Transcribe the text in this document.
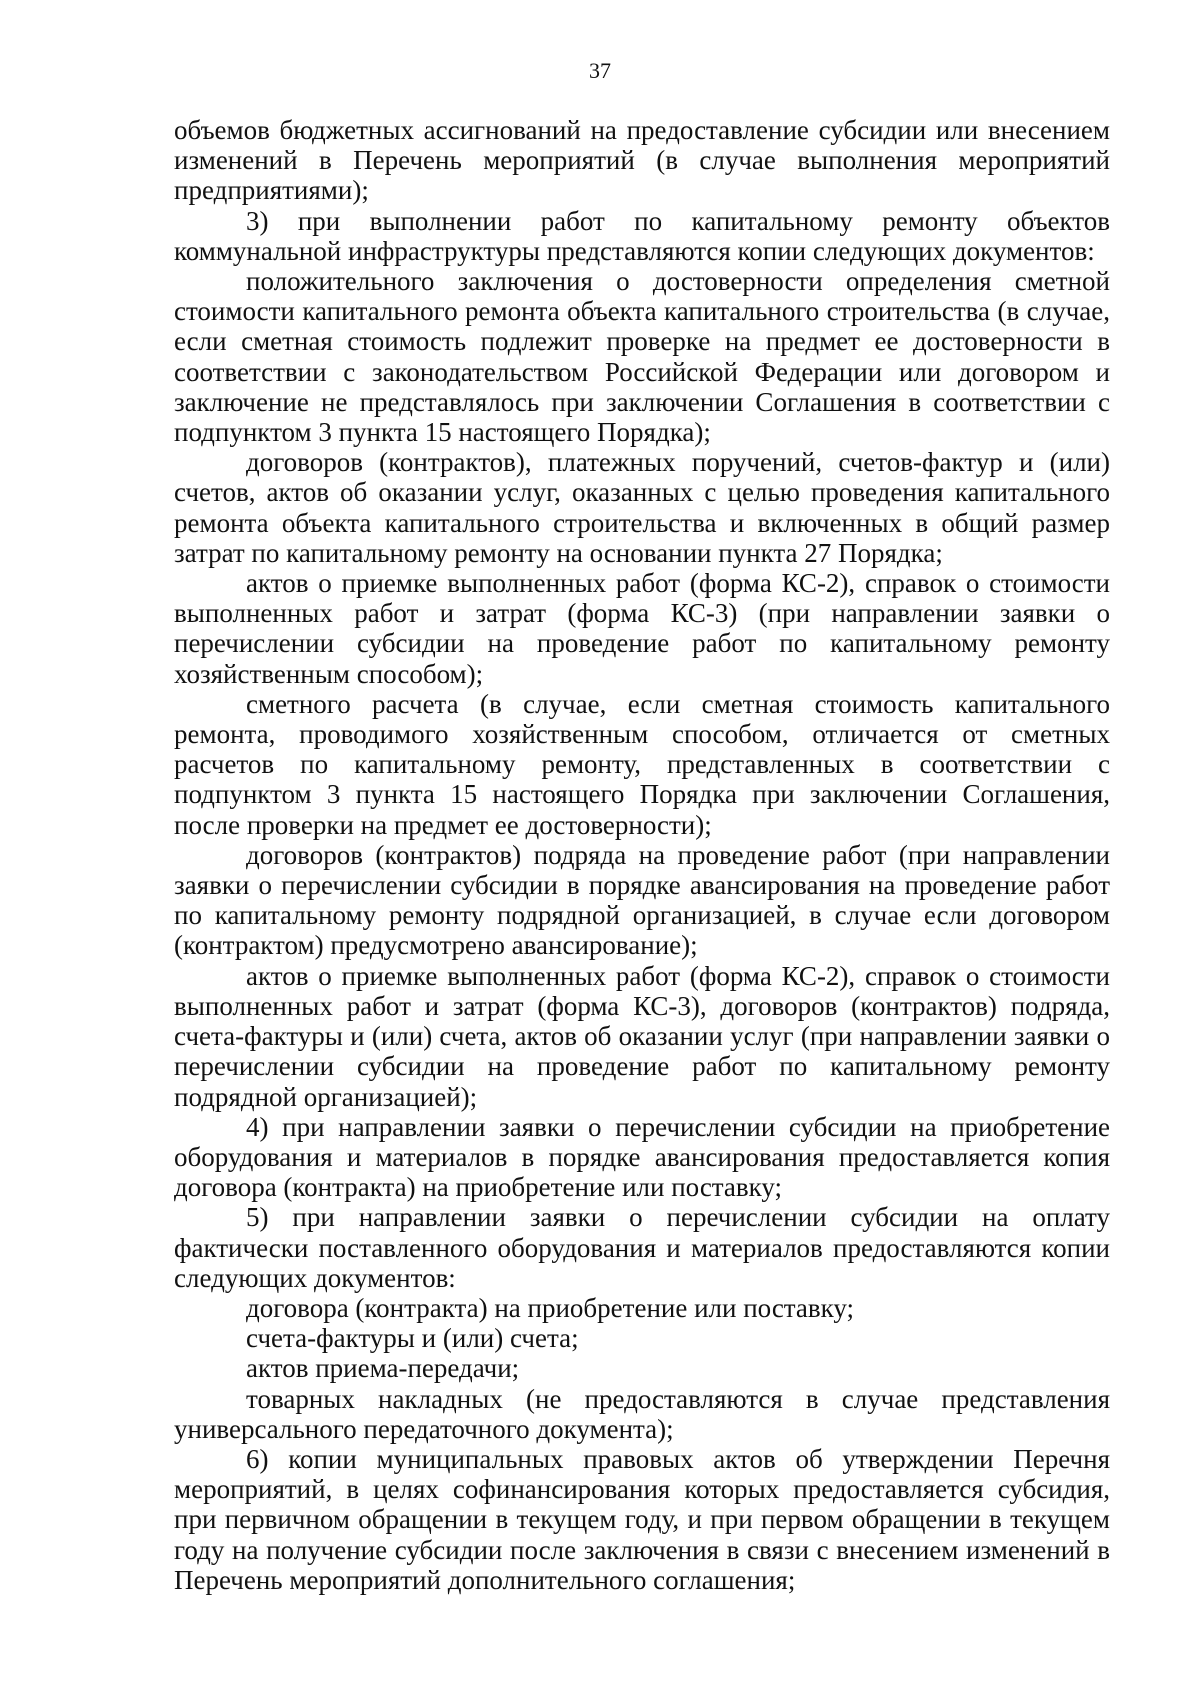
37

объемов бюджетных ассигнований на предоставление субсидии или внесением изменений в Перечень мероприятий (в случае выполнения мероприятий предприятиями);

3) при выполнении работ по капитальному ремонту объектов коммунальной инфраструктуры представляются копии следующих документов:

положительного заключения о достоверности определения сметной стоимости капитального ремонта объекта капитального строительства (в случае, если сметная стоимость подлежит проверке на предмет ее достоверности в соответствии с законодательством Российской Федерации или договором и заключение не представлялось при заключении Соглашения в соответствии с подпунктом 3 пункта 15 настоящего Порядка);

договоров (контрактов), платежных поручений, счетов-фактур и (или) счетов, актов об оказании услуг, оказанных с целью проведения капитального ремонта объекта капитального строительства и включенных в общий размер затрат по капитальному ремонту на основании пункта 27 Порядка;

актов о приемке выполненных работ (форма КС-2), справок о стоимости выполненных работ и затрат (форма КС-3) (при направлении заявки о перечислении субсидии на проведение работ по капитальному ремонту хозяйственным способом);

сметного расчета (в случае, если сметная стоимость капитального ремонта, проводимого хозяйственным способом, отличается от сметных расчетов по капитальному ремонту, представленных в соответствии с подпунктом 3 пункта 15 настоящего Порядка при заключении Соглашения, после проверки на предмет ее достоверности);

договоров (контрактов) подряда на проведение работ (при направлении заявки о перечислении субсидии в порядке авансирования на проведение работ по капитальному ремонту подрядной организацией, в случае если договором (контрактом) предусмотрено авансирование);

актов о приемке выполненных работ (форма КС-2), справок о стоимости выполненных работ и затрат (форма КС-3), договоров (контрактов) подряда, счета-фактуры и (или) счета, актов об оказании услуг (при направлении заявки о перечислении субсидии на проведение работ по капитальному ремонту подрядной организацией);

4) при направлении заявки о перечислении субсидии на приобретение оборудования и материалов в порядке авансирования предоставляется копия договора (контракта) на приобретение или поставку;

5) при направлении заявки о перечислении субсидии на оплату фактически поставленного оборудования и материалов предоставляются копии следующих документов:

договора (контракта) на приобретение или поставку;

счета-фактуры и (или) счета;

актов приема-передачи;

товарных накладных (не предоставляются в случае представления универсального передаточного документа);

6) копии муниципальных правовых актов об утверждении Перечня мероприятий, в целях софинансирования которых предоставляется субсидия, при первичном обращении в текущем году, и при первом обращении в текущем году на получение субсидии после заключения в связи с внесением изменений в Перечень мероприятий дополнительного соглашения;
